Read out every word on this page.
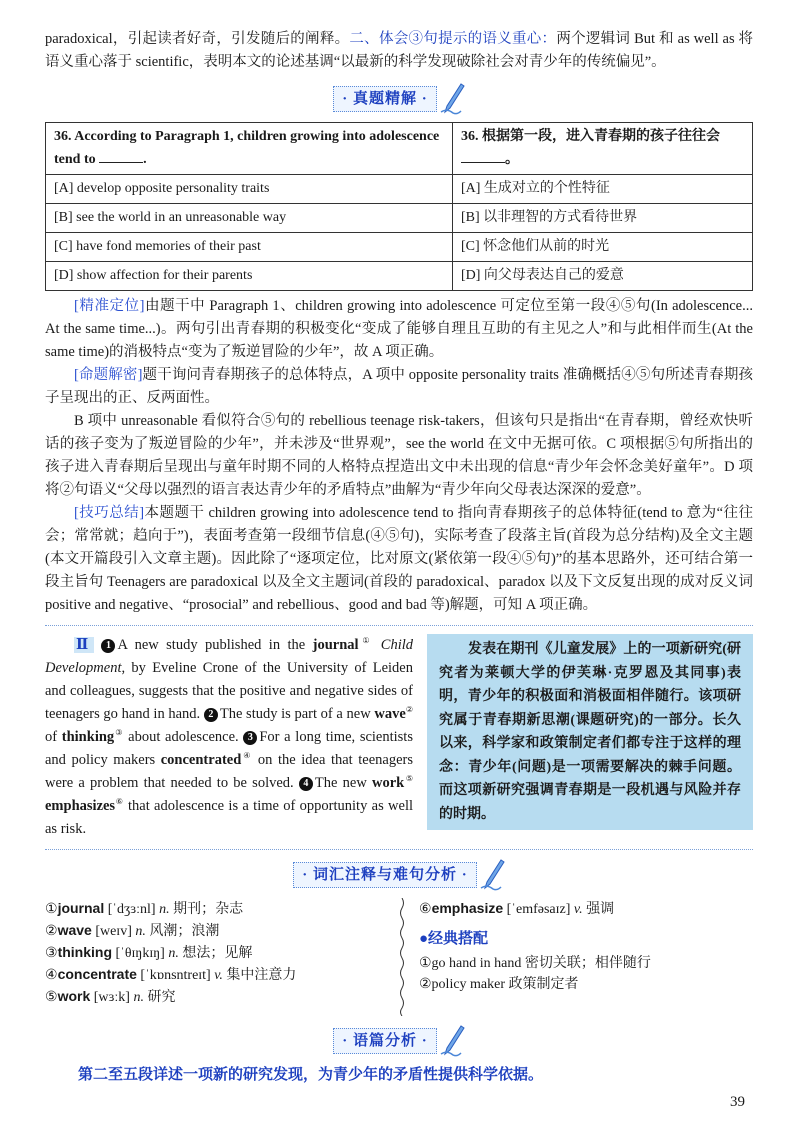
paradoxical，引起读者好奇，引发随后的阐释。二、体会③句提示的语义重心：两个逻辑词 But 和 as well as 将语义重心落于 scientific，表明本文的论述基调“以最新的科学发现破除社会对青少年的传统偏见”。
· 真题精解 ·
36. According to Paragraph 1, children growing into adolescence tend to .	36. 根据第一段，进入青春期的孩子往往会。
[A] develop opposite personality traits	[A] 生成对立的个性特征
[B] see the world in an unreasonable way	[B] 以非理智的方式看待世界
[C] have fond memories of their past	[C] 怀念他们从前的时光
[D] show affection for their parents	[D] 向父母表达自己的爱意
[精准定位]由题干中 Paragraph 1、children growing into adolescence 可定位至第一段④⑤句(In adolescence... At the same time...)。两句引出青春期的积极变化“变成了能够自理且互助的有主见之人”和与此相伴而生(At the same time)的消极特点“变为了叛逆冒险的少年”，故 A 项正确。
[命题解密]题干询问青春期孩子的总体特点，A 项中 opposite personality traits 准确概括④⑤句所述青春期孩子呈现出的正、反两面性。
B 项中 unreasonable 看似符合⑤句的 rebellious teenage risk-takers，但该句只是指出“在青春期，曾经欢快听话的孩子变为了叛逆冒险的少年”，并未涉及“世界观”，see the world 在文中无据可依。C 项根据⑤句所指出的孩子进入青春期后呈现出与童年时期不同的人格特点捏造出文中未出现的信息“青少年会怀念美好童年”。D 项将②句语义“父母以强烈的语言表达青少年的矛盾特点”曲解为“青少年向父母表达深深的爱意”。
[技巧总结]本题题干 children growing into adolescence tend to 指向青春期孩子的总体特征(tend to 意为“往往会；常常就；趋向于”)，表面考查第一段细节信息(④⑤句)，实际考查了段落主旨(首段为总分结构)及全文主题(本文开篇段引入文章主题)。因此除了“逐项定位，比对原文(紧依第一段④⑤句)”的基本思路外，还可结合第一段主旨句 Teenagers are paradoxical 以及全文主题词(首段的 paradoxical、paradox 以及下文反复出现的成对反义词 positive and negative、“prosocial” and rebellious、good and bad 等)解题，可知 A 项正确。
Ⅱ 1 A new study published in the journal① Child Development, by Eveline Crone of the University of Leiden and colleagues, suggests that the positive and negative sides of teenagers go hand in hand. 2 The study is part of a new wave② of thinking③ about adolescence. 3 For a long time, scientists and policy makers concentrated④ on the idea that teenagers were a problem that needed to be solved. 4 The new work⑤ emphasizes⑥ that adolescence is a time of opportunity as well as risk.
发表在期刊《儿童发展》上的一项新研究(研究者为莱顿大学的伊芙琳·克罗恩及其同事)表明，青少年的积极面和消极面相伴随行。该项研究属于青春期新思潮(课题研究)的一部分。长久以来，科学家和政策制定者们都专注于这样的理念：青少年(问题)是一项需要解决的棘手问题。而这项新研究强调青春期是一段机遇与风险并存的时期。
· 词汇注释与难句分析 ·
①journal [ˈdʒɜːnl] n. 期刊；杂志
②wave [weɪv] n. 风潮；浪潮
③thinking [ˈθɪŋkɪŋ] n. 想法；见解
④concentrate [ˈkɒnsntreɪt] v. 集中注意力
⑤work [wɜːk] n. 研究
⑥emphasize [ˈemfəsaɪz] v. 强调
●经典搭配
①go hand in hand 密切关联；相伴随行
②policy maker 政策制定者
· 语篇分析 ·
第二至五段详述一项新的研究发现，为青少年的矛盾性提供科学依据。
39
